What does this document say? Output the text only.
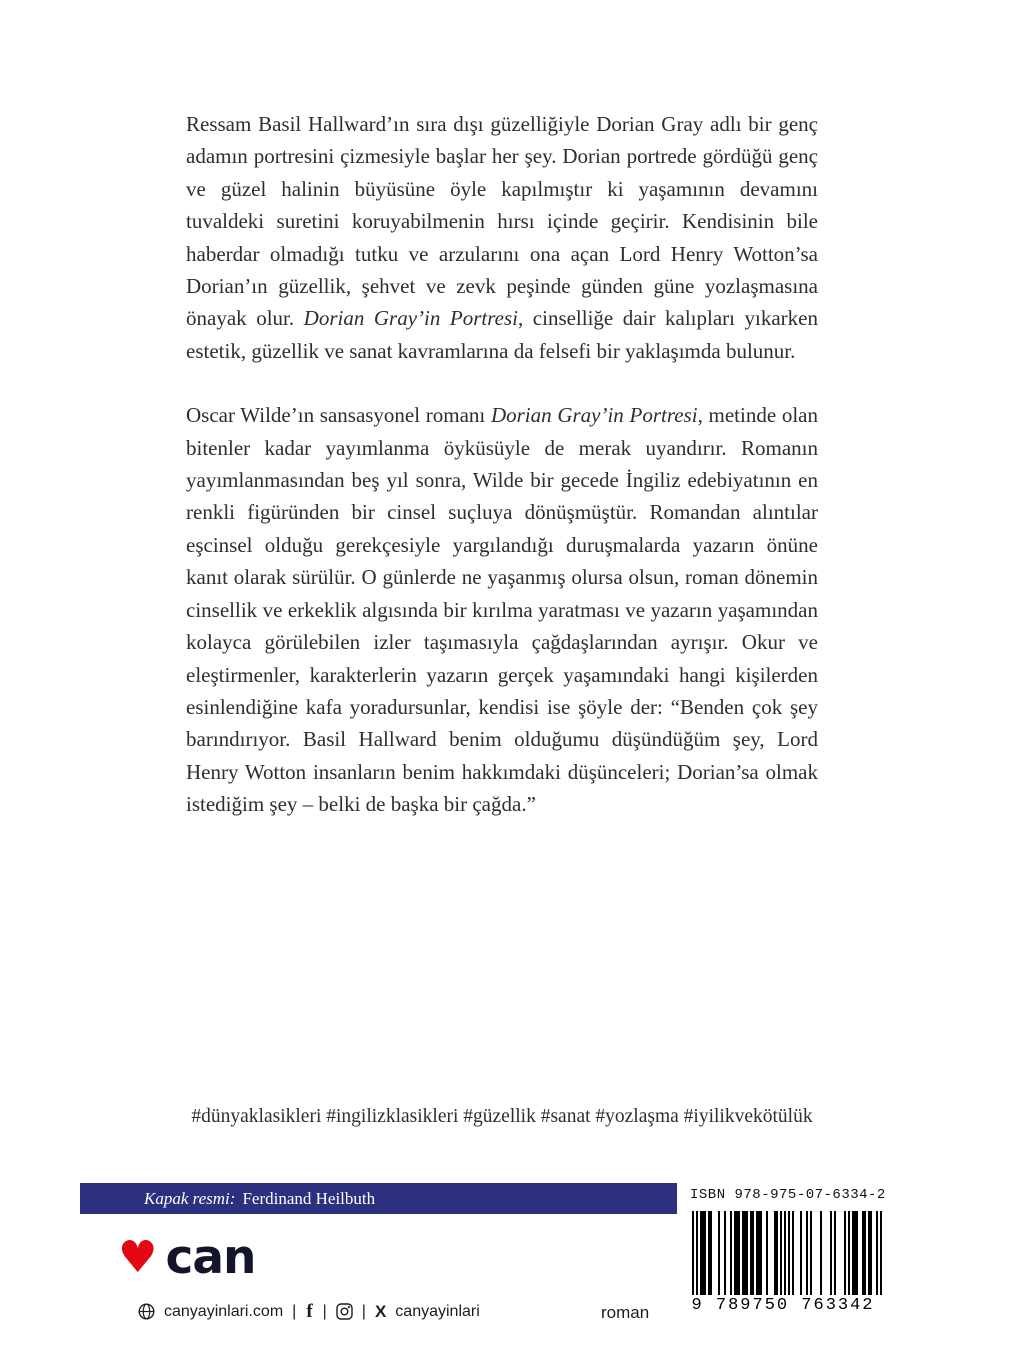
Ressam Basil Hallward’ın sıra dışı güzelliğiyle Dorian Gray adlı bir genç adamın portresini çizmesiyle başlar her şey. Dorian portrede gördüğü genç ve güzel halinin büyüsüne öyle kapılmıştır ki yaşamının devamını tuvaldeki suretini koruyabilmenin hırsı içinde geçirir. Kendisinin bile haberdar olmadığı tutku ve arzularını ona açan Lord Henry Wotton’sa Dorian’ın güzellik, şehvet ve zevk peşinde günden güne yozlaşmasına önayak olur. Dorian Gray’in Portresi, cinselliğe dair kalıpları yıkarken estetik, güzellik ve sanat kavramlarına da felsefi bir yaklaşımda bulunur.

Oscar Wilde’ın sansasyonel romanı Dorian Gray’in Portresi, metinde olan bitenler kadar yayımlanma öyküsüyle de merak uyandırır. Romanın yayımlanmasından beş yıl sonra, Wilde bir gecede İngiliz edebiyatının en renkli figüründen bir cinsel suçluya dönüşmüştür. Romandan alıntılar eşcinsel olduğu gerekçesiyle yargılandığı duruşmalarda yazarın önüne kanıt olarak sürülür. O günlerde ne yaşanmış olursa olsun, roman dönemin cinsellik ve erkeklik algısında bir kırılma yaratması ve yazarın yaşamından kolayca görülebilen izler taşımasıyla çağdaşlarından ayrışır. Okur ve eleştirmenler, karakterlerin yazarın gerçek yaşamındaki hangi kişilerden esinlendiğine kafa yoradursunlar, kendisi ise şöyle der: “Benden çok şey barındırıyor. Basil Hallward benim olduğumu düşündüğüm şey, Lord Henry Wotton insanların benim hakkımdaki düşünceleri; Dorian’sa olmak istediğim şey – belki de başka bir çağda.”

#dünyaklasikleri #ingilizklasikleri #güzellik #sanat #yozlaşma #iyilikvekötülük
Kapak resmi: Ferdinand Heilbuth	ISBN 978-975-07-6334-2
9 789750 763342
♥ can
canyayinlari.com | f | | X canyayinlari	roman
